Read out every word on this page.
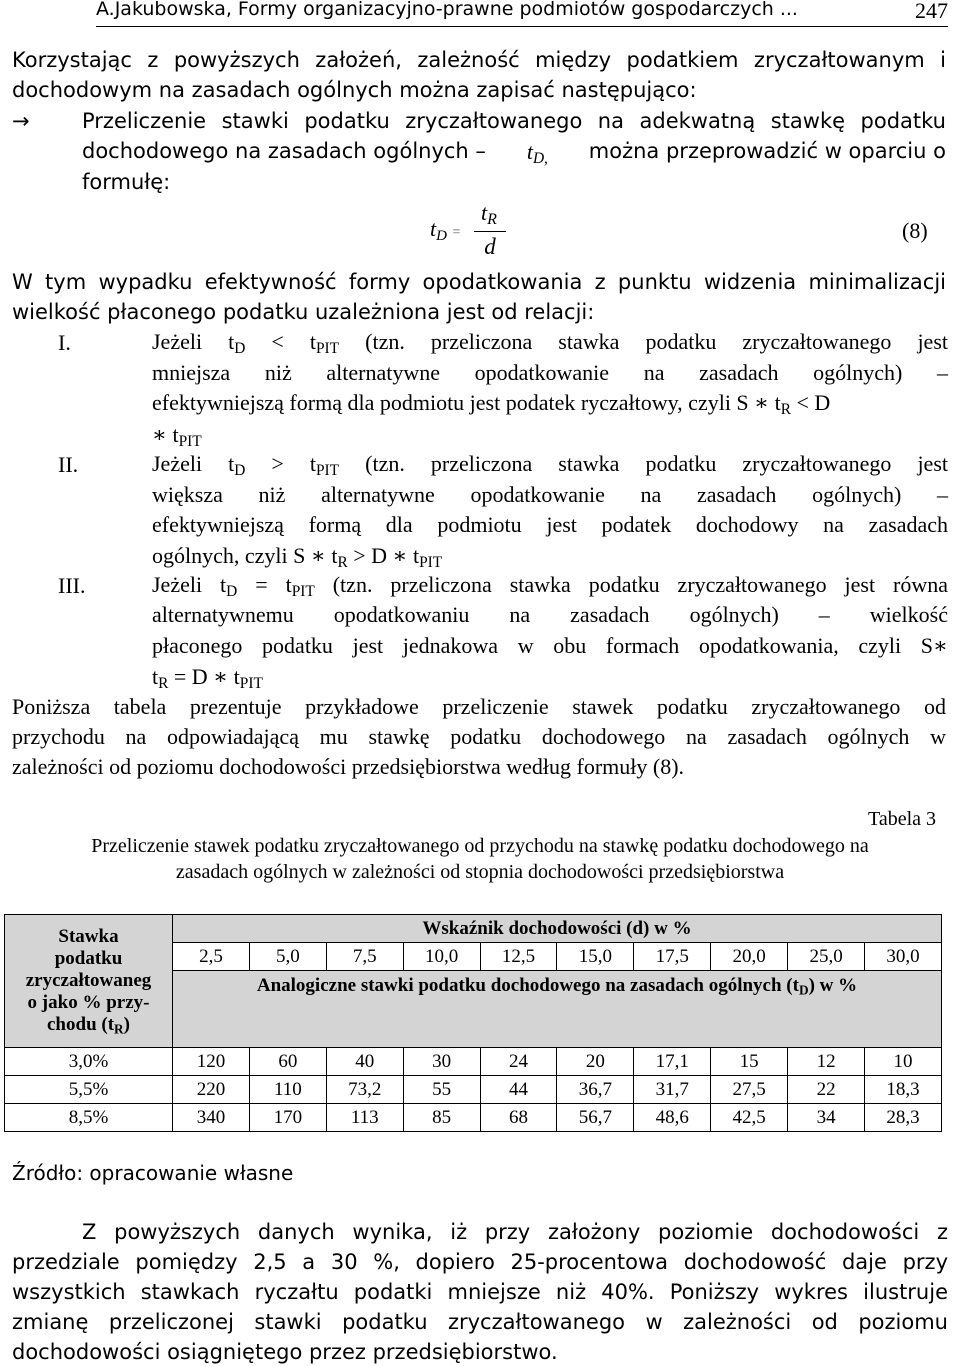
A.Jakubowska, Formy organizacyjno-prawne podmiotów gospodarczych ...	247
Korzystając z powyższych założeń, zależność między podatkiem zryczałtowanym i
dochodowym na zasadach ogólnych można zapisać następująco:
→ Przeliczenie stawki podatku zryczałtowanego na adekwatną stawkę podatku
dochodowego na zasadach ogólnych – $t_{D,}$ można przeprowadzić w oparciu o
formułę:
$t_D$ =
$t_R$
d
(8)
W tym wypadku efektywność formy opodatkowania z punktu widzenia minimalizacji
wielkość płaconego podatku uzależniona jest od relacji:
I.	Jeżeli $t_D < t_{PIT}$ (tzn. przeliczona stawka podatku zryczałtowanego jest
mniejsza niż alternatywne opodatkowanie na zasadach ogólnych) –
efektywniejszą formą dla podmiotu jest podatek ryczałtowy, czyli S ∗ $t_R < D$
∗ $t_{PIT}$
II.	Jeżeli $t_D > t_{PIT}$ (tzn. przeliczona stawka podatku zryczałtowanego jest
większa niż alternatywne opodatkowanie na zasadach ogólnych) –
efektywniejszą formą dla podmiotu jest podatek dochodowy na zasadach
ogólnych, czyli S ∗ $t_R > D$ ∗ $t_{PIT}$
III.	Jeżeli $t_D = t_{PIT}$ (tzn. przeliczona stawka podatku zryczałtowanego jest równa
alternatywnemu opodatkowaniu na zasadach ogólnych) – wielkość
płaconego podatku jest jednakowa w obu formach opodatkowania, czyli S∗
$t_R = D$ ∗ $t_{PIT}$
Poniższa tabela prezentuje przykładowe przeliczenie stawek podatku zryczałtowanego od
przychodu na odpowiadającą mu stawkę podatku dochodowego na zasadach ogólnych w
zależności od poziomu dochodowości przedsiębiorstwa według formuły (8).
Tabela 3
Przeliczenie stawek podatku zryczałtowanego od przychodu na stawkę podatku dochodowego na
zasadach ogólnych w zależności od stopnia dochodowości przedsiębiorstwa
Stawka
podatku
zryczałtowaneg
o jako % przy-
chodu $(t_R)$	Wskaźnik dochodowości (d) w %									
	2,5	5,0	7,5	10,0	12,5	15,0	17,5	20,0	25,0	30,0
	Analogiczne stawki podatku dochodowego na zasadach ogólnych $(t_D)$ w %									

3,0%	120	60	40	30	24	20	17,1	15	12	10
5,5%	220	110	73,2	55	44	36,7	31,7	27,5	22	18,3
8,5%	340	170	113	85	68	56,7	48,6	42,5	34	28,3
Źródło: opracowanie własne
Z powyższych danych wynika, iż przy założony poziomie dochodowości z
przedziale pomiędzy 2,5 a 30 %, dopiero 25-procentowa dochodowość daje przy
wszystkich stawkach ryczałtu podatki mniejsze niż 40%. Poniższy wykres ilustruje
zmianę przeliczonej stawki podatku zryczałtowanego w zależności od poziomu
dochodowości osiągniętego przez przedsiębiorstwo.
